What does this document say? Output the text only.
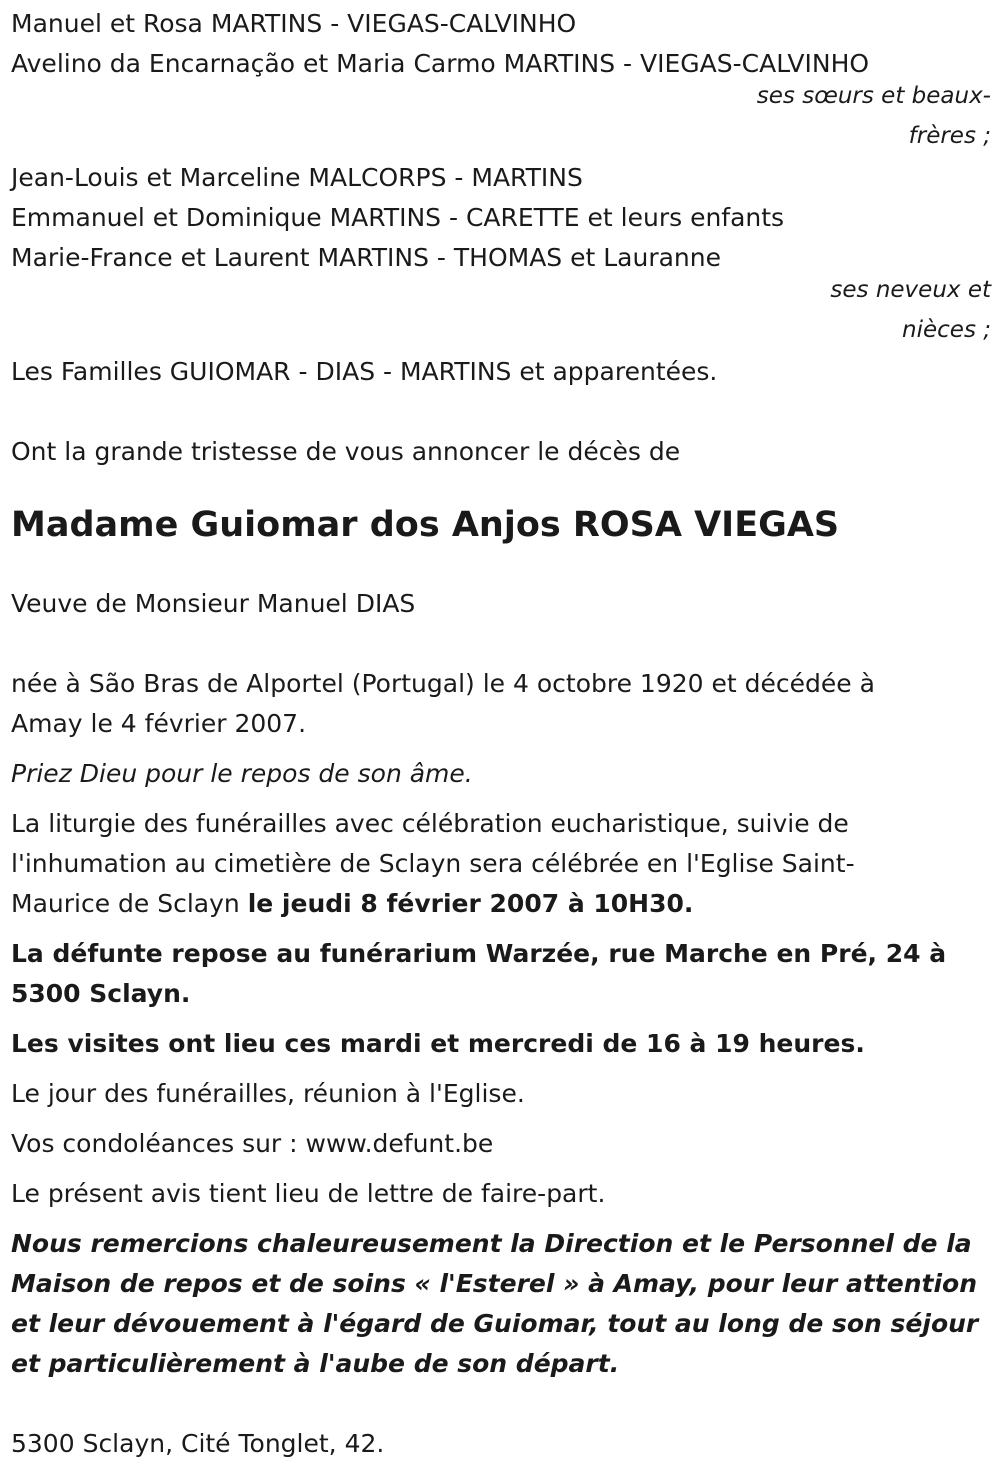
Manuel et Rosa MARTINS - VIEGAS-CALVINHO
Avelino da Encarnação et Maria Carmo MARTINS - VIEGAS-CALVINHO
ses sœurs et beaux-
frères ;
Jean-Louis et Marceline MALCORPS - MARTINS
Emmanuel et Dominique MARTINS - CARETTE et leurs enfants
Marie-France et Laurent MARTINS - THOMAS et Lauranne
ses neveux et
nièces ;
Les Familles GUIOMAR - DIAS - MARTINS et apparentées.
Ont la grande tristesse de vous annoncer le décès de
Madame Guiomar dos Anjos ROSA VIEGAS
Veuve de Monsieur Manuel DIAS
née à São Bras de Alportel (Portugal) le 4 octobre 1920 et décédée à
Amay le 4 février 2007.
Priez Dieu pour le repos de son âme.
La liturgie des funérailles avec célébration eucharistique, suivie de
l'inhumation au cimetière de Sclayn sera célébrée en l'Eglise Saint-
Maurice de Sclayn le jeudi 8 février 2007 à 10H30.
La défunte repose au funérarium Warzée, rue Marche en Pré, 24 à
5300 Sclayn.
Les visites ont lieu ces mardi et mercredi de 16 à 19 heures.
Le jour des funérailles, réunion à l'Eglise.
Vos condoléances sur : www.defunt.be
Le présent avis tient lieu de lettre de faire-part.
Nous remercions chaleureusement la Direction et le Personnel de la
Maison de repos et de soins « l'Esterel » à Amay, pour leur attention
et leur dévouement à l'égard de Guiomar, tout au long de son séjour
et particulièrement à l'aube de son départ.
5300 Sclayn, Cité Tonglet, 42.
